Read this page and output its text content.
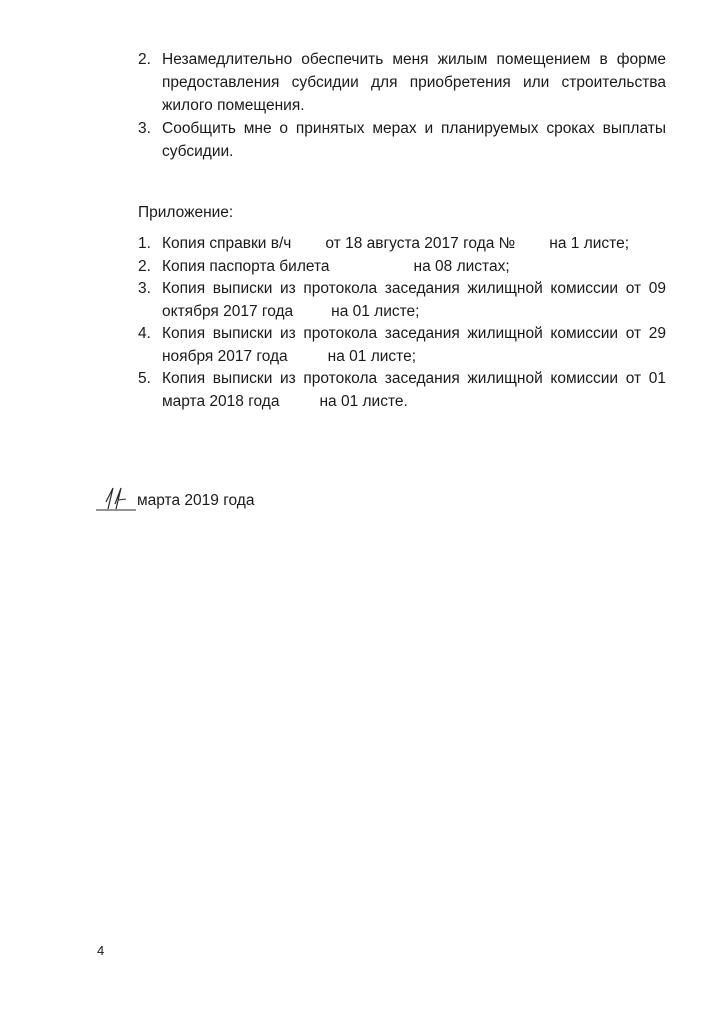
2. Незамедлительно обеспечить меня жилым помещением в форме
предоставления субсидии для приобретения или строительства
жилого помещения.
3. Сообщить мне о принятых мерах и планируемых сроках выплаты
субсидии.
Приложение:
1. Копия справки в/ч от 18 августа 2017 года № на 1 листе;
2. Копия паспорта билета	на 08 листах;
3. Копия выписки из протокола заседания жилищной комиссии от 09
октября 2017 года на 01 листе;
4. Копия выписки из протокола заседания жилищной комиссии от 29
ноября 2017 года	на 01 листе;
5. Копия выписки из протокола заседания жилищной комиссии от 01
марта 2018 года	на 01 листе.
марта 2019 года
4
